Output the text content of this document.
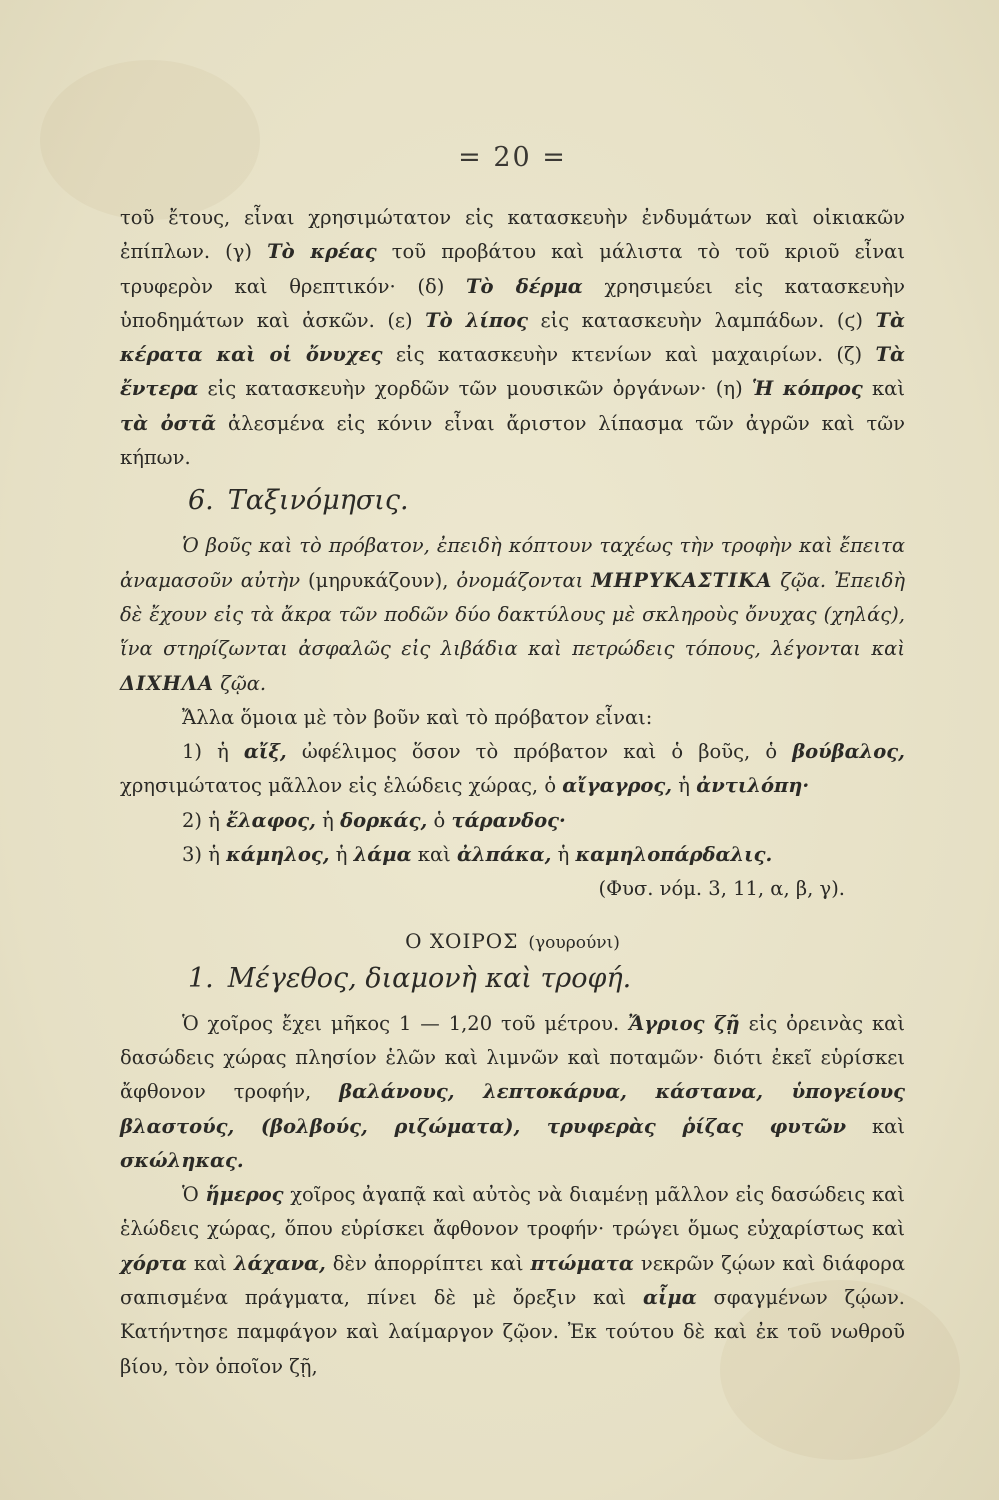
= 20 =

τοῦ ἔτους, εἶναι χρησιμώτατον εἰς κατασκευὴν ἐνδυμάτων καὶ οἰκιακῶν ἐπίπλων. (γ) Τὸ κρέας τοῦ προβάτου καὶ μάλιστα τὸ τοῦ κριοῦ εἶναι τρυφερὸν καὶ θρεπτικόν· (δ) Τὸ δέρμα χρησιμεύει εἰς κατασκευὴν ὑποδημάτων καὶ ἀσκῶν. (ε) Τὸ λίπος εἰς κατασκευὴν λαμπάδων. (ϛ) Τὰ κέρατα καὶ οἱ ὄνυχες εἰς κατασκευὴν κτενίων καὶ μαχαιρίων. (ζ) Τὰ ἔντερα εἰς κατασκευὴν χορδῶν τῶν μουσικῶν ὀργάνων· (η) Ἡ κόπρος καὶ τὰ ὀστᾶ ἀλεσμένα εἰς κόνιν εἶναι ἄριστον λίπασμα τῶν ἀγρῶν καὶ τῶν κήπων.

6. Ταξινόμησις.

Ὁ βοῦς καὶ τὸ πρόβατον, ἐπειδὴ κόπτουν ταχέως τὴν τροφὴν καὶ ἔπειτα ἀναμασοῦν αὐτὴν (μηρυκάζουν), ὀνομάζονται ΜΗΡΥΚΑΣΤΙΚΑ ζῷα. Ἐπειδὴ δὲ ἔχουν εἰς τὰ ἄκρα τῶν ποδῶν δύο δακτύλους μὲ σκληροὺς ὄνυχας (χηλάς), ἵνα στηρίζωνται ἀσφαλῶς εἰς λιβάδια καὶ πετρώδεις τόπους, λέγονται καὶ ΔΙΧΗΛΑ ζῷα.

Ἄλλα ὅμοια μὲ τὸν βοῦν καὶ τὸ πρόβατον εἶναι:

1) ἡ αἴξ, ὠφέλιμος ὅσον τὸ πρόβατον καὶ ὁ βοῦς, ὁ βούβαλος, χρησιμώτατος μᾶλλον εἰς ἑλώδεις χώρας, ὁ αἴγαγρος, ἡ ἀντιλόπη·

2) ἡ ἔλαφος, ἡ δορκάς, ὁ τάρανδος·

3) ἡ κάμηλος, ἡ λάμα καὶ ἀλπάκα, ἡ καμηλοπάρδαλις.

(Φυσ. νόμ. 3, 11, α, β, γ).

Ο ΧΟΙΡΟΣ (γουρούνι)
1. Μέγεθος, διαμονὴ καὶ τροφή.

Ὁ χοῖρος ἔχει μῆκος 1 — 1,20 τοῦ μέτρου. Ἄγριος ζῇ εἰς ὀρεινὰς καὶ δασώδεις χώρας πλησίον ἑλῶν καὶ λιμνῶν καὶ ποταμῶν· διότι ἐκεῖ εὑρίσκει ἄφθονον τροφήν, βαλάνους, λεπτοκάρυα, κάστανα, ὑπογείους βλαστούς, (βολβούς, ριζώματα), τρυφερὰς ῥίζας φυτῶν καὶ σκώληκας.

Ὁ ἥμερος χοῖρος ἀγαπᾷ καὶ αὐτὸς νὰ διαμένῃ μᾶλλον εἰς δασώδεις καὶ ἑλώδεις χώρας, ὅπου εὑρίσκει ἄφθονον τροφήν· τρώγει ὅμως εὐχαρίστως καὶ χόρτα καὶ λάχανα, δὲν ἀπορρίπτει καὶ πτώματα νεκρῶν ζῴων καὶ διάφορα σαπισμένα πράγματα, πίνει δὲ μὲ ὄρεξιν καὶ αἷμα σφαγμένων ζῴων. Κατήντησε παμφάγον καὶ λαίμαργον ζῷον. Ἐκ τούτου δὲ καὶ ἐκ τοῦ νωθροῦ βίου, τὸν ὁποῖον ζῇ,
